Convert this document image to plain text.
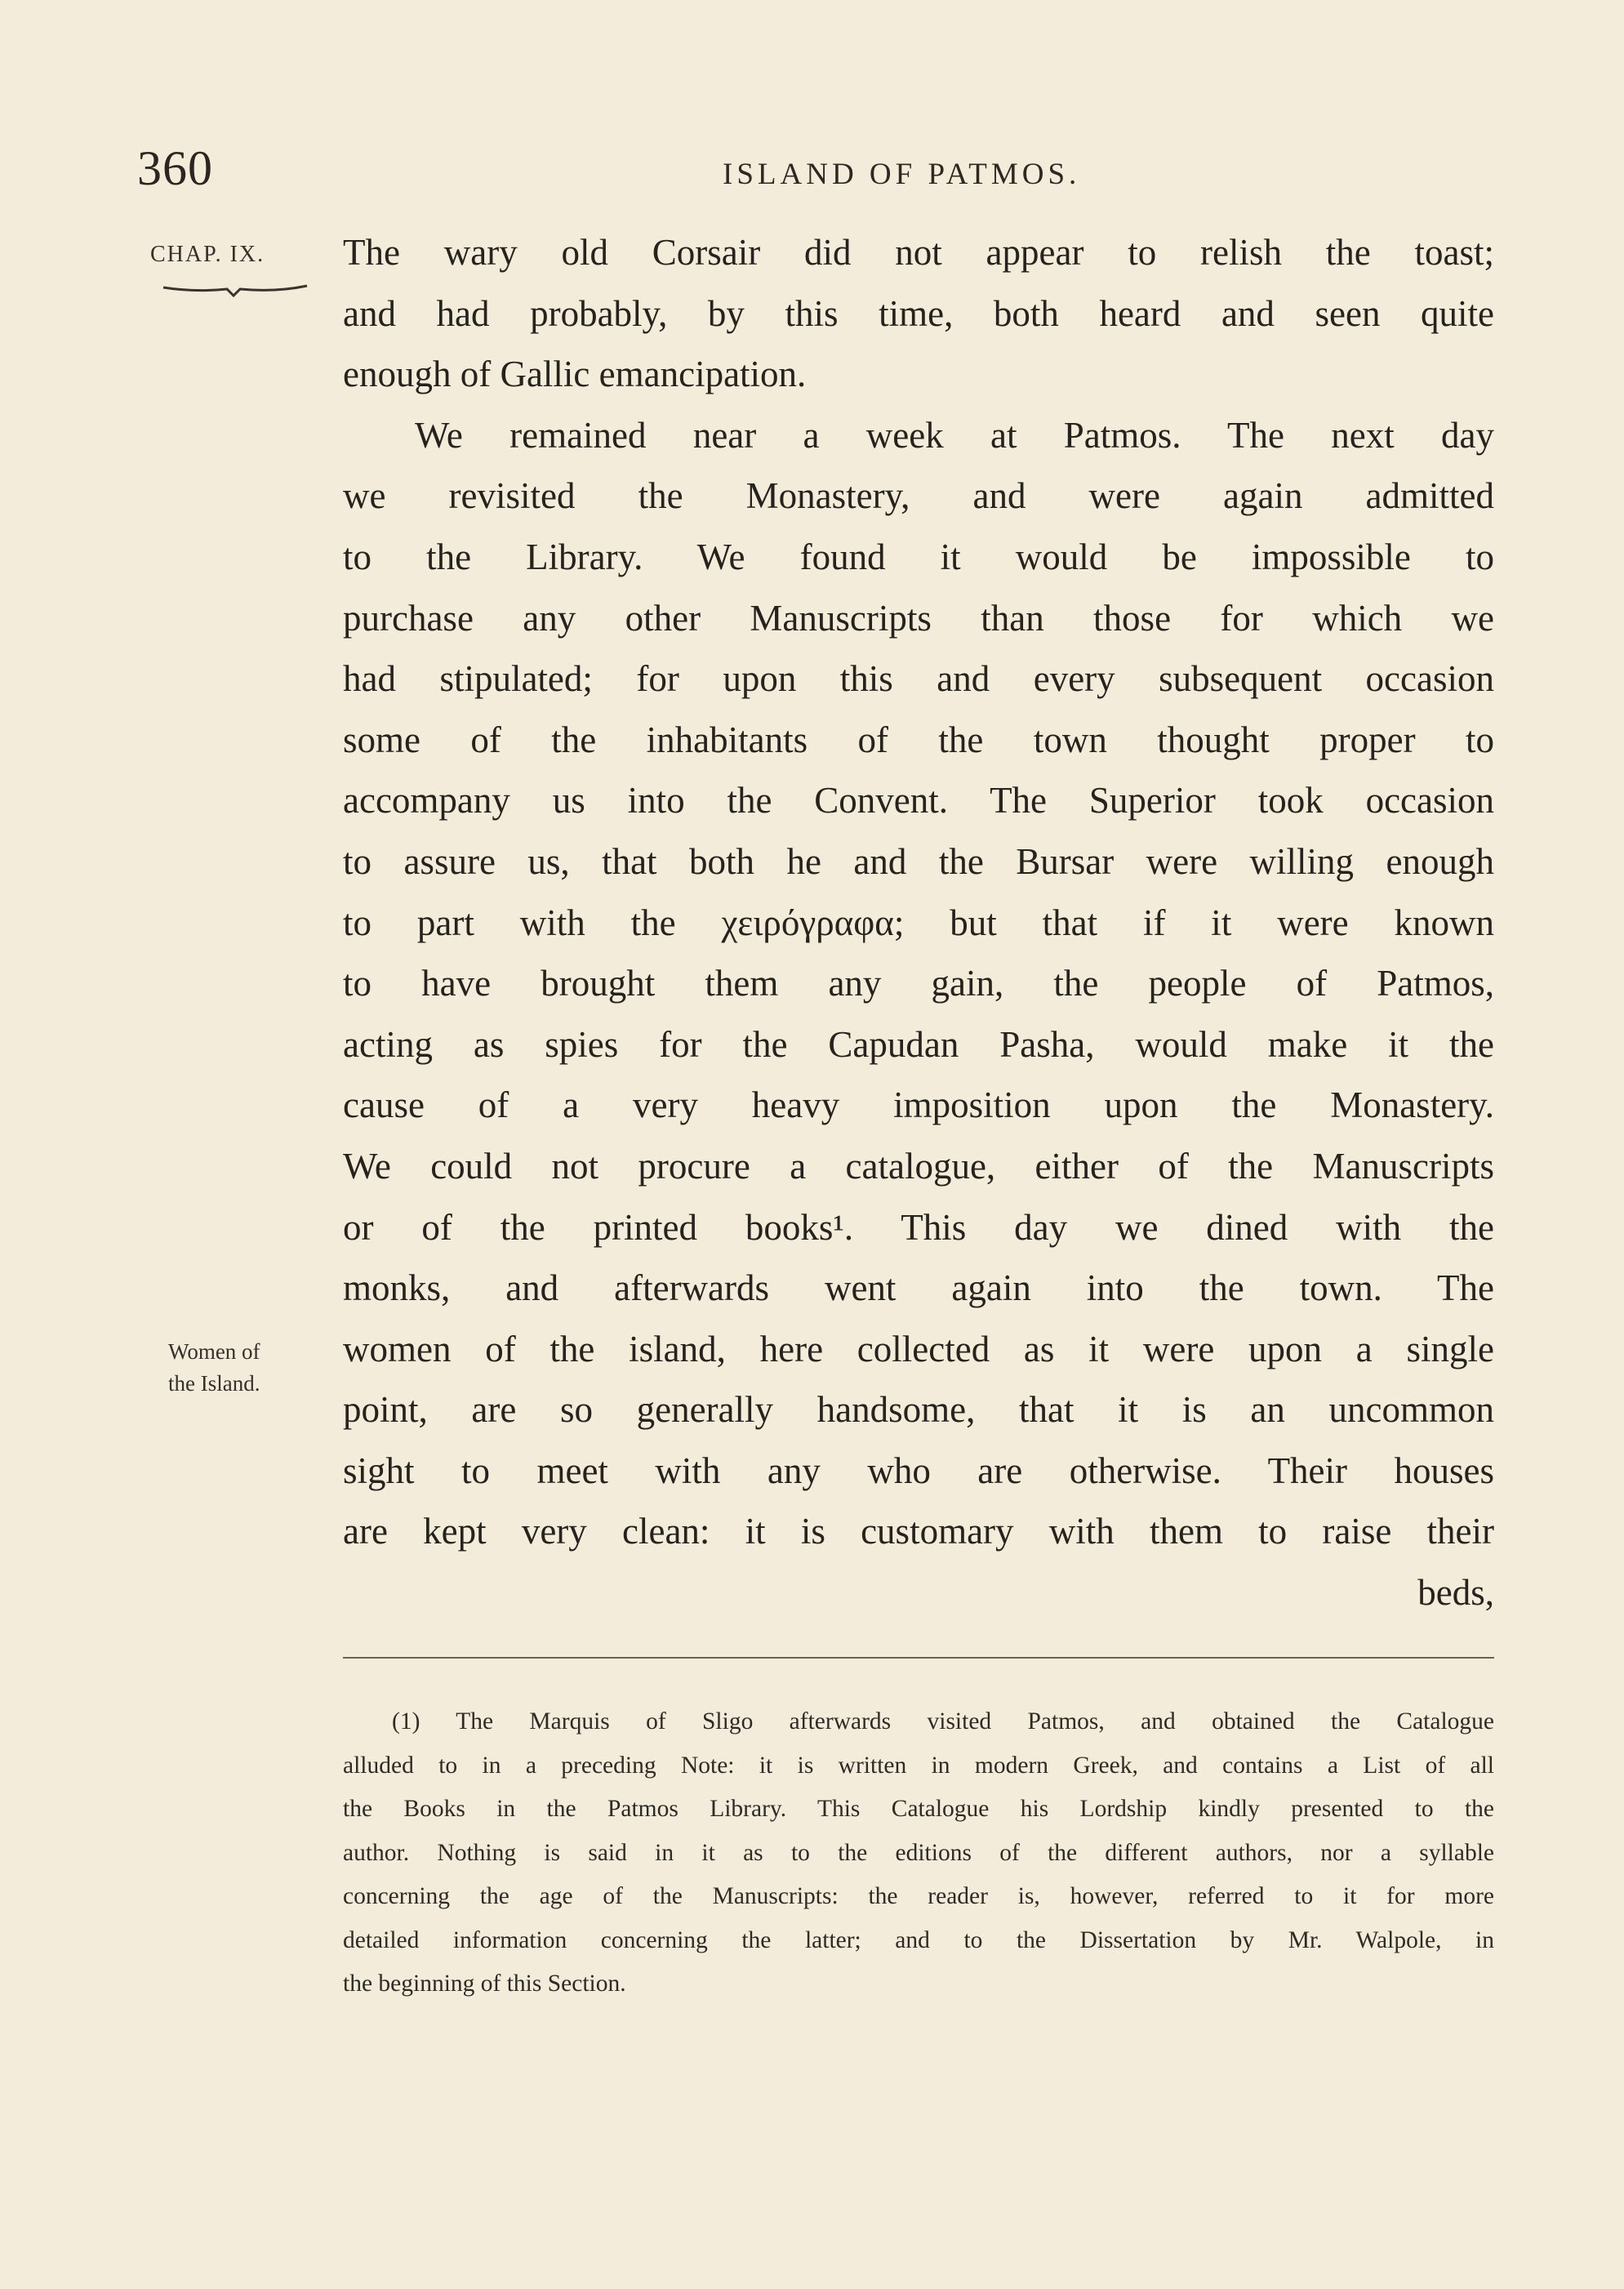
360	ISLAND OF PATMOS.
CHAP. IX.
Women of
the Island.
The wary old Corsair did not appear to relish the toast;
and had probably, by this time, both heard and seen quite
enough of Gallic emancipation.
We remained near a week at Patmos. The next day
we revisited the Monastery, and were again admitted
to the Library. We found it would be impossible to
purchase any other Manuscripts than those for which we
had stipulated; for upon this and every subsequent occasion
some of the inhabitants of the town thought proper to
accompany us into the Convent. The Superior took occasion
to assure us, that both he and the Bursar were willing enough
to part with the χειρόγραφα; but that if it were known
to have brought them any gain, the people of Patmos,
acting as spies for the Capudan Pasha, would make it the
cause of a very heavy imposition upon the Monastery.
We could not procure a catalogue, either of the Manuscripts
or of the printed books¹. This day we dined with the
monks, and afterwards went again into the town. The
women of the island, here collected as it were upon a single
point, are so generally handsome, that it is an uncommon
sight to meet with any who are otherwise. Their houses
are kept very clean: it is customary with them to raise their
beds,
(1) The Marquis of Sligo afterwards visited Patmos, and obtained the Catalogue
alluded to in a preceding Note: it is written in modern Greek, and contains a List of all
the Books in the Patmos Library. This Catalogue his Lordship kindly presented to the
author. Nothing is said in it as to the editions of the different authors, nor a syllable
concerning the age of the Manuscripts: the reader is, however, referred to it for more
detailed information concerning the latter; and to the Dissertation by Mr. Walpole, in
the beginning of this Section.
